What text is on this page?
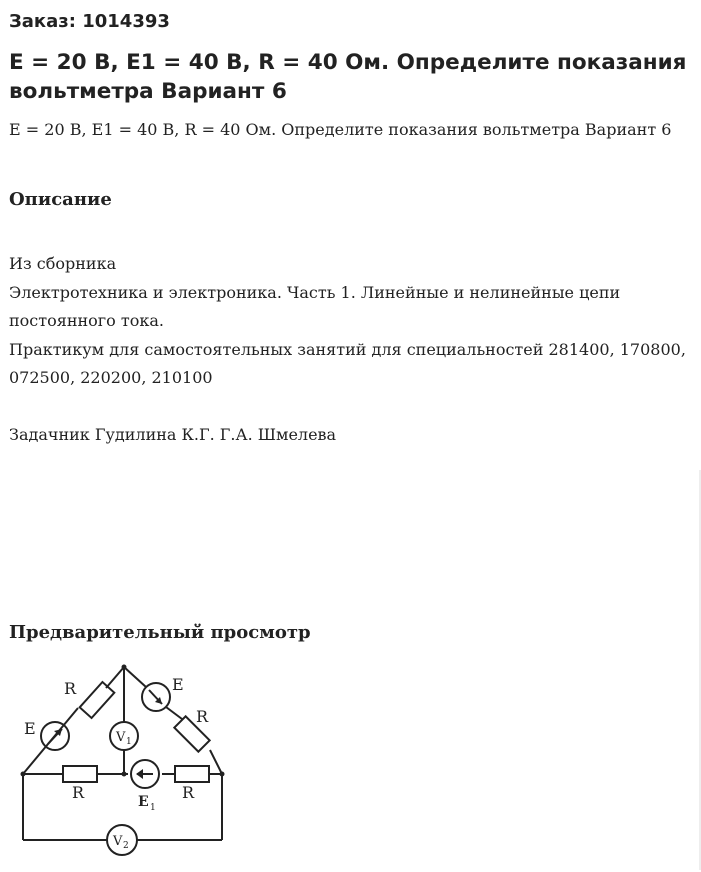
Заказ: 1014393
E = 20 В, E1 = 40 В, R = 40 Ом. Определите показания вольтметра Вариант 6
E = 20 В, E1 = 40 В, R = 40 Ом. Определите показания вольтметра Вариант 6
Описание

Из сборника

Электротехника и электроника. Часть 1. Линейные и нелинейные цепи

постоянного тока.

Практикум для самостоятельных занятий для специальностей 281400, 170800, 072500, 220200, 210100

Задачник Гудилина К.Г. Г.А. Шмелева

Предварительный просмотр
R	E
R
E	V 1
R	R
E 1
V 2
